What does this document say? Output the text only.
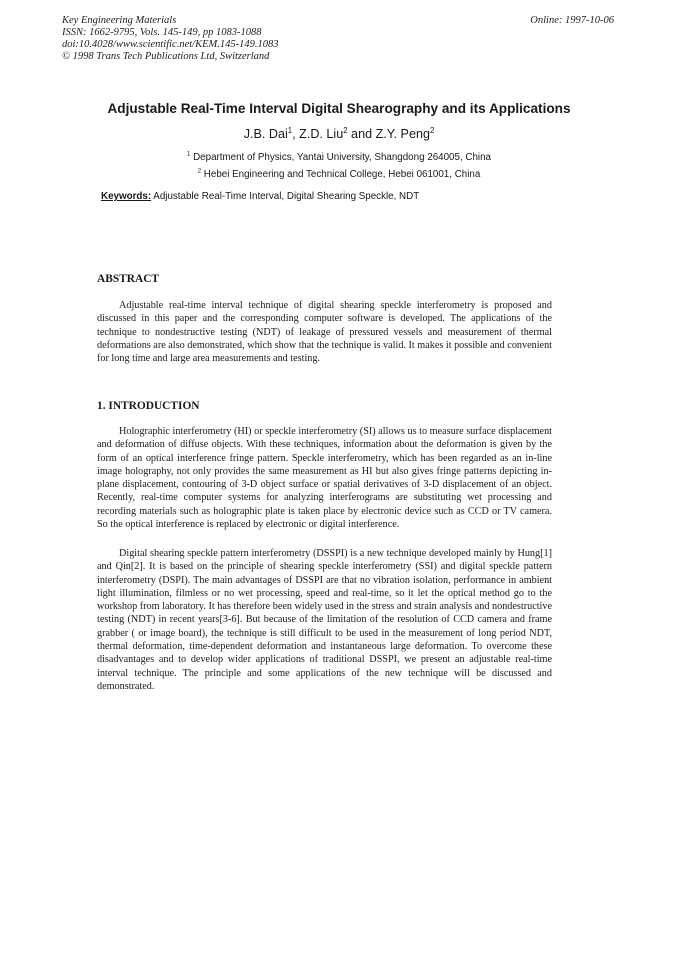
Key Engineering Materials
ISSN: 1662-9795, Vols. 145-149, pp 1083-1088
doi:10.4028/www.scientific.net/KEM.145-149.1083
© 1998 Trans Tech Publications Ltd, Switzerland
Online: 1997-10-06
Adjustable Real-Time Interval Digital Shearography and its Applications
J.B. Dai$^1$, Z.D. Liu$^2$ and Z.Y. Peng$^2$
$^1$ Department of Physics, Yantai University, Shangdong 264005, China
$^2$ Hebei Engineering and Technical College, Hebei 061001, China
Keywords: Adjustable Real-Time Interval, Digital Shearing Speckle, NDT
ABSTRACT

Adjustable real-time interval technique of digital shearing speckle interferometry is proposed and discussed in this paper and the corresponding computer software is developed. The applications of the technique to nondestructive testing (NDT) of leakage of pressured vessels and measurement of thermal deformations are also demonstrated, which show that the technique is valid. It makes it possible and convenient for long time and large area measurements and testing.

1. INTRODUCTION

Holographic interferometry (HI) or speckle interferometry (SI) allows us to measure surface displacement and deformation of diffuse objects. With these techniques, information about the deformation is given by the form of an optical interference fringe pattern. Speckle interferometry, which has been regarded as an in-line image holography, not only provides the same measurement as HI but also gives fringe patterns depicting in-plane displacement, contouring of 3-D object surface or spatial derivatives of 3-D displacement of an object. Recently, real-time computer systems for analyzing interferograms are substituting wet processing and recording materials such as holographic plate is taken place by electronic device such as CCD or TV camera. So the optical interference is replaced by electronic or digital interference.

Digital shearing speckle pattern interferometry (DSSPI) is a new technique developed mainly by Hung[1] and Qin[2]. It is based on the principle of shearing speckle interferometry (SSI) and digital speckle pattern interferometry (DSPI). The main advantages of DSSPI are that no vibration isolation, performance in ambient light illumination, filmless or no wet processing, speed and real-time, so it let the optical method go to the workshop from laboratory. It has therefore been widely used in the stress and strain analysis and nondestructive testing (NDT) in recent years[3-6]. But because of the limitation of the resolution of CCD camera and frame grabber ( or image board), the technique is still difficult to be used in the measurement of long period NDT, thermal deformation, time-dependent deformation and instantaneous large deformation. To overcome these disadvantages and to develop wider applications of traditional DSSPI, we present an adjustable real-time interval technique. The principle and some applications of the new technique will be discussed and demonstrated.
